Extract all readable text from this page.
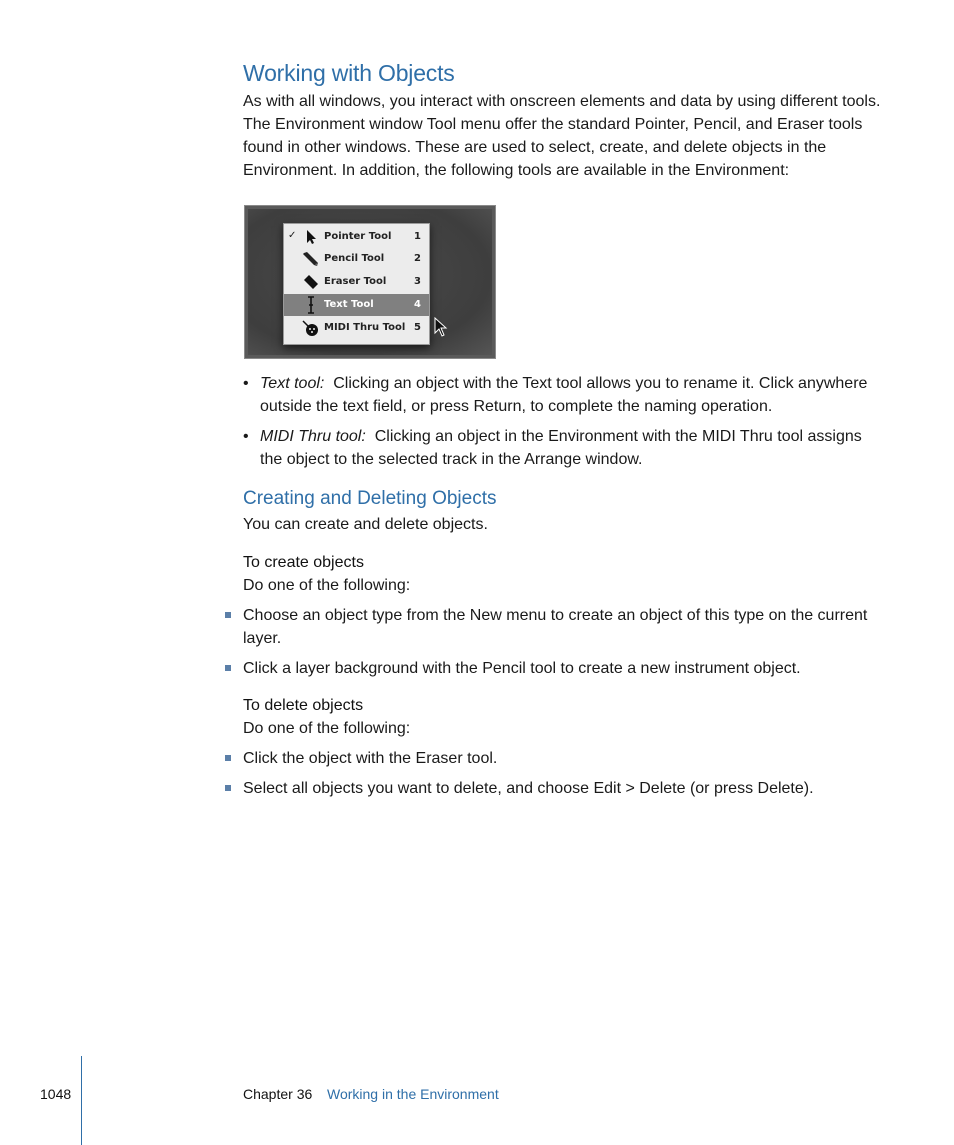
Working with Objects

As with all windows, you interact with onscreen elements and data by using different tools. The Environment window Tool menu offer the standard Pointer, Pencil, and Eraser tools found in other windows. These are used to select, create, and delete objects in the Environment. In addition, the following tools are available in the Environment:

✓	Pointer Tool 1
Pencil Tool	2
Eraser Tool	3
Text Tool	4
MIDI Thru Tool 5
• Text tool: Clicking an object with the Text tool allows you to rename it. Click anywhere outside the text field, or press Return, to complete the naming operation.
• MIDI Thru tool: Clicking an object in the Environment with the MIDI Thru tool assigns the object to the selected track in the Arrange window.
Creating and Deleting Objects

You can create and delete objects.

To create objects

Do one of the following:

Choose an object type from the New menu to create an object of this type on the current layer.
Click a layer background with the Pencil tool to create a new instrument object.

To delete objects

Do one of the following:

Click the object with the Eraser tool.
Select all objects you want to delete, and choose Edit > Delete (or press Delete).
1048	Chapter 36 Working in the Environment
